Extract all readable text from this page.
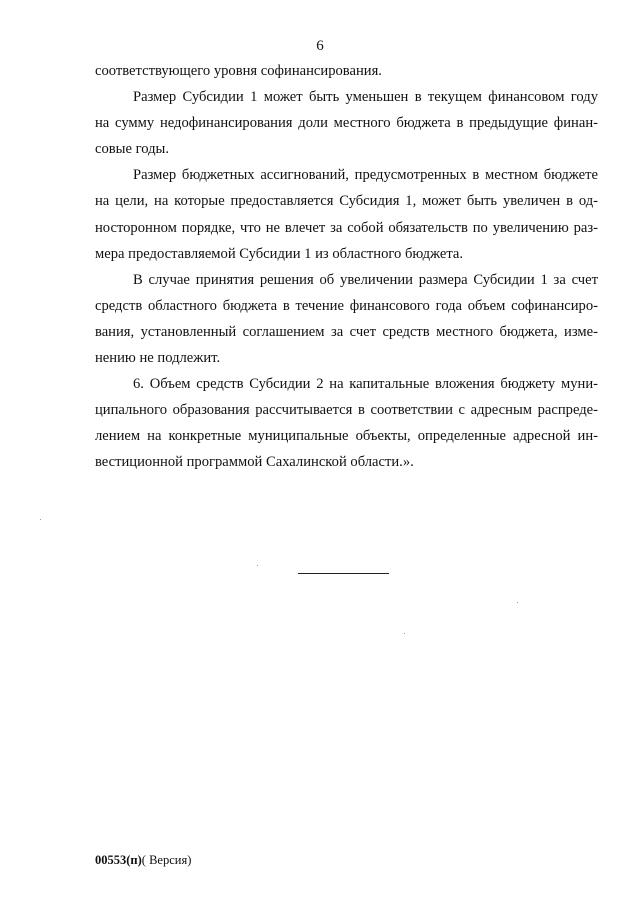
6
соответствующего уровня софинансирования.
Размер Субсидии 1 может быть уменьшен в текущем финансовом году
на сумму недофинансирования доли местного бюджета в предыдущие финан-
совые годы.
Размер бюджетных ассигнований, предусмотренных в местном бюджете
на цели, на которые предоставляется Субсидия 1, может быть увеличен в од-
носторонном порядке, что не влечет за собой обязательств по увеличению раз-
мера предоставляемой Субсидии 1 из областного бюджета.
В случае принятия решения об увеличении размера Субсидии 1 за счет
средств областного бюджета в течение финансового года объем софинансиро-
вания, установленный соглашением за счет средств местного бюджета, изме-
нению не подлежит.
6. Объем средств Субсидии 2 на капитальные вложения бюджету муни-
ципального образования рассчитывается в соответствии с адресным распреде-
лением на конкретные муниципальные объекты, определенные адресной ин-
вестиционной программой Сахалинской области.».
00553(п)( Версия)
